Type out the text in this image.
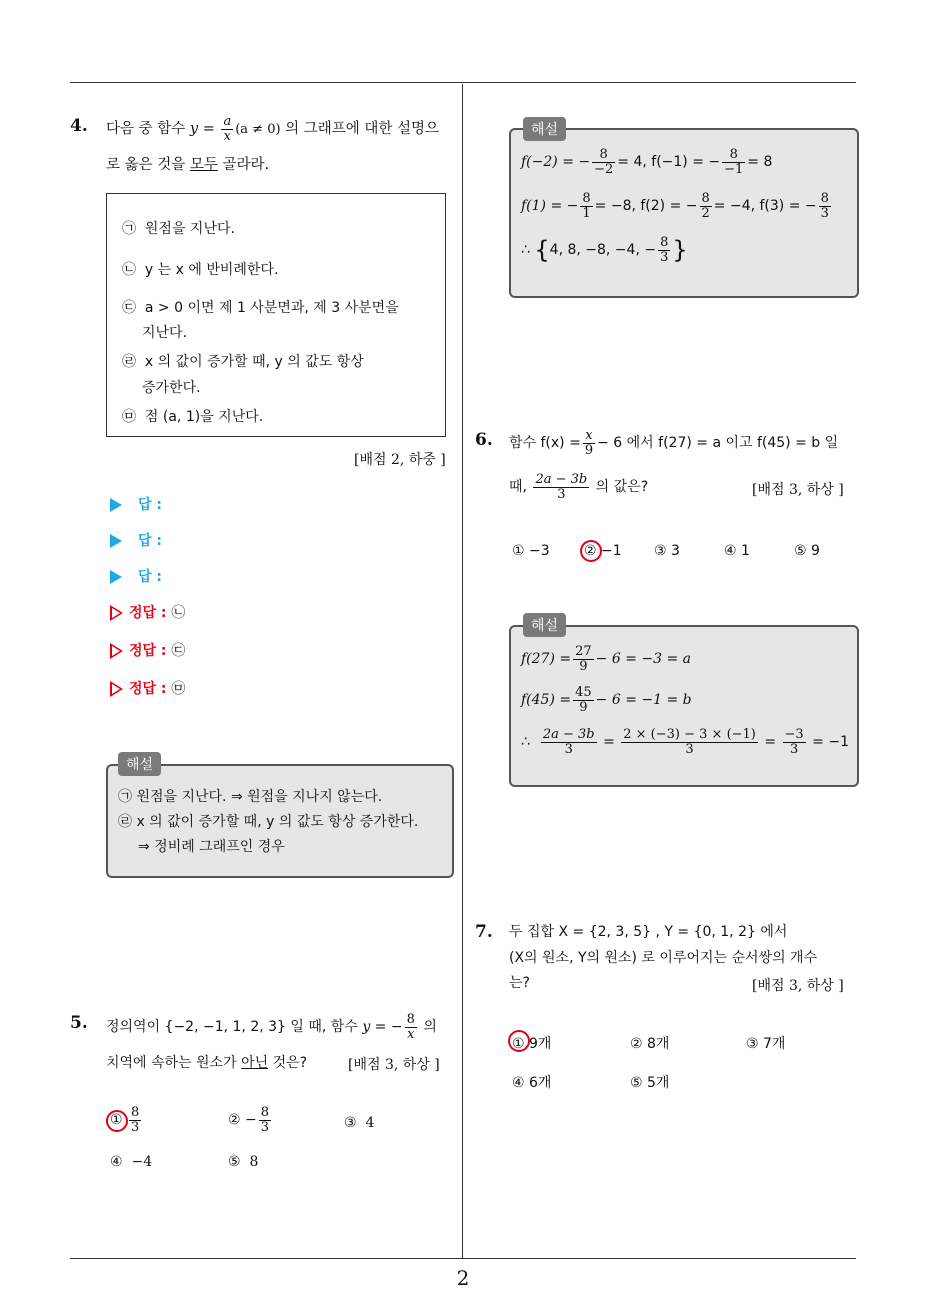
4. 다음 중 함수 $y = \frac{a}{x} (a \ne 0)$ 의 그래프에 대한 설명으
로 옳은 것을 모두 골라라.
㉠ 원점을 지난다.
㉡ y 는 x 에 반비례한다.
㉢ a > 0 이면 제 1 사분면과, 제 3 사분면을
지난다.
㉣ x 의 값이 증가할 때, y 의 값도 항상
증가한다.
㉤ 점 (a, 1)을 지난다.
[배점 2, 하중 ]
답 :
답 :
답 :
정답 : ㉡
정답 : ㉢
정답 : ㉤
해설
㉠ 원점을 지난다. ⇒ 원점을 지나지 않는다.
㉣ x 의 값이 증가할 때, y 의 값도 항상 증가한다.
⇒ 정비례 그래프인 경우
5. 정의역이 {−2, −1, 1, 2, 3} 일 때, 함수 y = − $\frac{8}{x}$ 의
치역에 속하는 원소가 아닌 것은?	[배점 3, 하상 ]
① $\frac{8}{3}$	② − $\frac{8}{3}$	③ 4
④ −4	⑤ 8
해설
f(−2) = − $\frac{8}{-2} = 4$, f(−1) = − $\frac{8}{-1} = 8$
f(1) = − $\frac{8}{1} = -8$, f(2) = − $\frac{8}{2} = -4$, f(3) = − $\frac{8}{3}$
∴ {4, 8, −8, −4, − $\frac{8}{3}$ }
6. 함수 $f(x) = \frac{x}{9} - 6$ 에서 f(27) = a 이고 f(45) = b 일
때, $\frac{2a - 3b}{3}$ 의 값은?	[배점 3, 하상 ]
① −3 ② −1 ③ 3	④ 1	⑤ 9
해설
$f(27) = \frac{27}{9} - 6 = -3 = a$
$f(45) = \frac{45}{9} - 6 = -1 = b$
∴ $\frac{2a - 3b}{3} = \frac{2 \times (-3) - 3 \times (-1)}{3} = \frac{-3}{3} = -1$
7. 두 집합 X = {2, 3, 5} , Y = {0, 1, 2} 에서
(X의 원소, Y의 원소) 로 이루어지는 순서쌍의 개수
는?	[배점 3, 하상 ]
① 9개	② 8개	③ 7개
④ 6개	⑤ 5개
2
